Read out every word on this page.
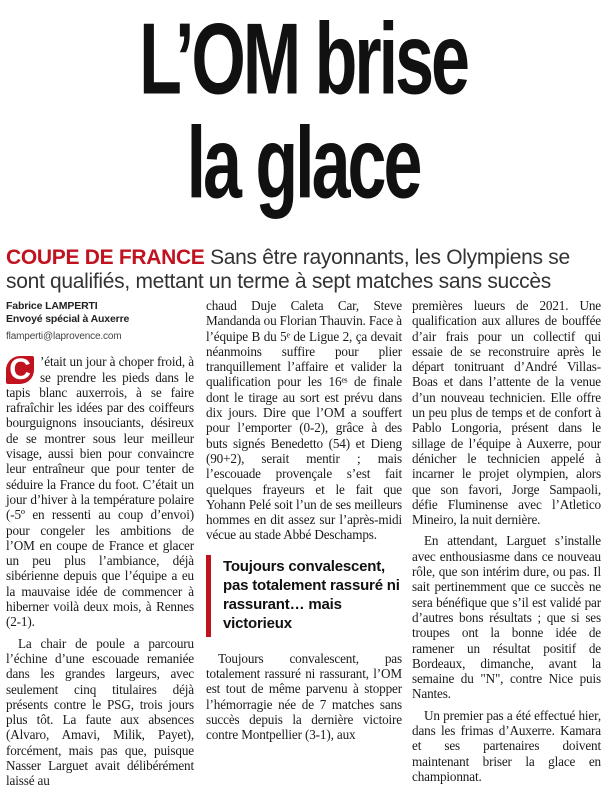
L’OM brise
la glace
COUPE DE FRANCE Sans être rayonnants, les Olympiens se sont qualifiés, mettant un terme à sept matches sans succès
Fabrice LAMPERTI
Envoyé spécial à Auxerre
flamperti@laprovence.com

C ’était un jour à choper froid, à se prendre les pieds dans le tapis blanc auxerrois, à se faire rafraîchir les idées par des coiffeurs bourguignons insouciants, désireux de se montrer sous leur meilleur visage, aussi bien pour convaincre leur entraîneur que pour tenter de séduire la France du foot. C’était un jour d’hiver à la température polaire (-5º en ressenti au coup d’envoi) pour congeler les ambitions de l’OM en coupe de France et glacer un peu plus l’ambiance, déjà sibérienne depuis que l’équipe a eu la mauvaise idée de commencer à hiberner voilà deux mois, à Rennes (2-1).

La chair de poule a parcouru l’échine d’une escouade remaniée dans les grandes largeurs, avec seulement cinq titulaires déjà présents contre le PSG, trois jours plus tôt. La faute aux absences (Alvaro, Amavi, Milik, Payet), forcément, mais pas que, puisque Nasser Larguet avait délibérément laissé au

chaud Duje Caleta Car, Steve Mandanda ou Florian Thauvin. Face à l’équipe B du 5ᵉ de Ligue 2, ça devait néanmoins suffire pour plier tranquillement l’affaire et valider la qualification pour les 16ᵉˢ de finale dont le tirage au sort est prévu dans dix jours. Dire que l’OM a souffert pour l’emporter (0-2), grâce à des buts signés Benedetto (54) et Dieng (90+2), serait mentir ; mais l’escouade provençale s’est fait quelques frayeurs et le fait que Yohann Pelé soit l’un de ses meilleurs hommes en dit assez sur l’après-midi vécue au stade Abbé Deschamps.

Toujours convalescent, pas totalement rassuré ni rassurant… mais victorieux

Toujours convalescent, pas totalement rassuré ni rassurant, l’OM est tout de même parvenu à stopper l’hémorragie née de 7 matches sans succès depuis la dernière victoire contre Montpellier (3-1), aux

premières lueurs de 2021. Une qualification aux allures de bouffée d’air frais pour un collectif qui essaie de se reconstruire après le départ tonitruant d’André Villas-Boas et dans l’attente de la venue d’un nouveau technicien. Elle offre un peu plus de temps et de confort à Pablo Longoria, présent dans le sillage de l’équipe à Auxerre, pour dénicher le technicien appelé à incarner le projet olympien, alors que son favori, Jorge Sampaoli, défie Fluminense avec l’Atletico Mineiro, la nuit dernière.

En attendant, Larguet s’installe avec enthousiasme dans ce nouveau rôle, que son intérim dure, ou pas. Il sait pertinemment que ce succès ne sera bénéfique que s’il est validé par d’autres bons résultats ; que si ses troupes ont la bonne idée de ramener un résultat positif de Bordeaux, dimanche, avant la semaine du "N", contre Nice puis Nantes.

Un premier pas a été effectué hier, dans les frimas d’Auxerre. Kamara et ses partenaires doivent maintenant briser la glace en championnat.
